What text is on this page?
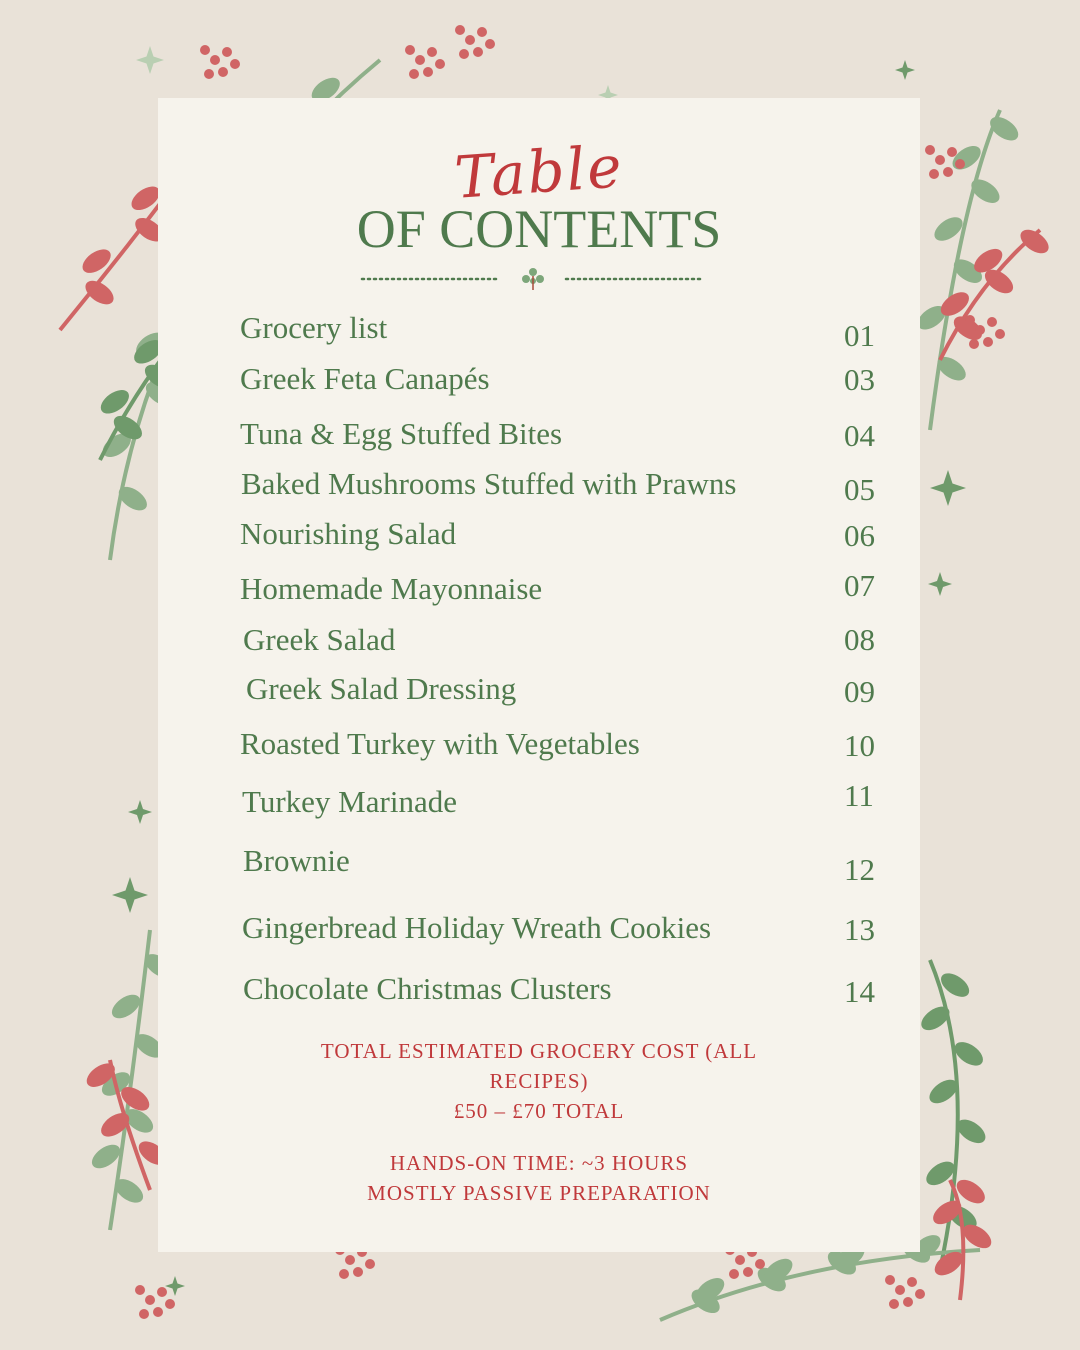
Table
OF CONTENTS
Grocery list	01
Greek Feta Canapés	03
Tuna & Egg Stuffed Bites	04
Baked Mushrooms Stuffed with Prawns	05
Nourishing Salad	06
Homemade Mayonnaise	07
Greek Salad	08
Greek Salad Dressing	09
Roasted Turkey with Vegetables	10
Turkey Marinade	11
Brownie	12
Gingerbread Holiday Wreath Cookies	13
Chocolate Christmas Clusters	14
TOTAL ESTIMATED GROCERY COST (ALL
RECIPES)
£50 – £70 TOTAL
HANDS-ON TIME: ~3 HOURS
MOSTLY PASSIVE PREPARATION
